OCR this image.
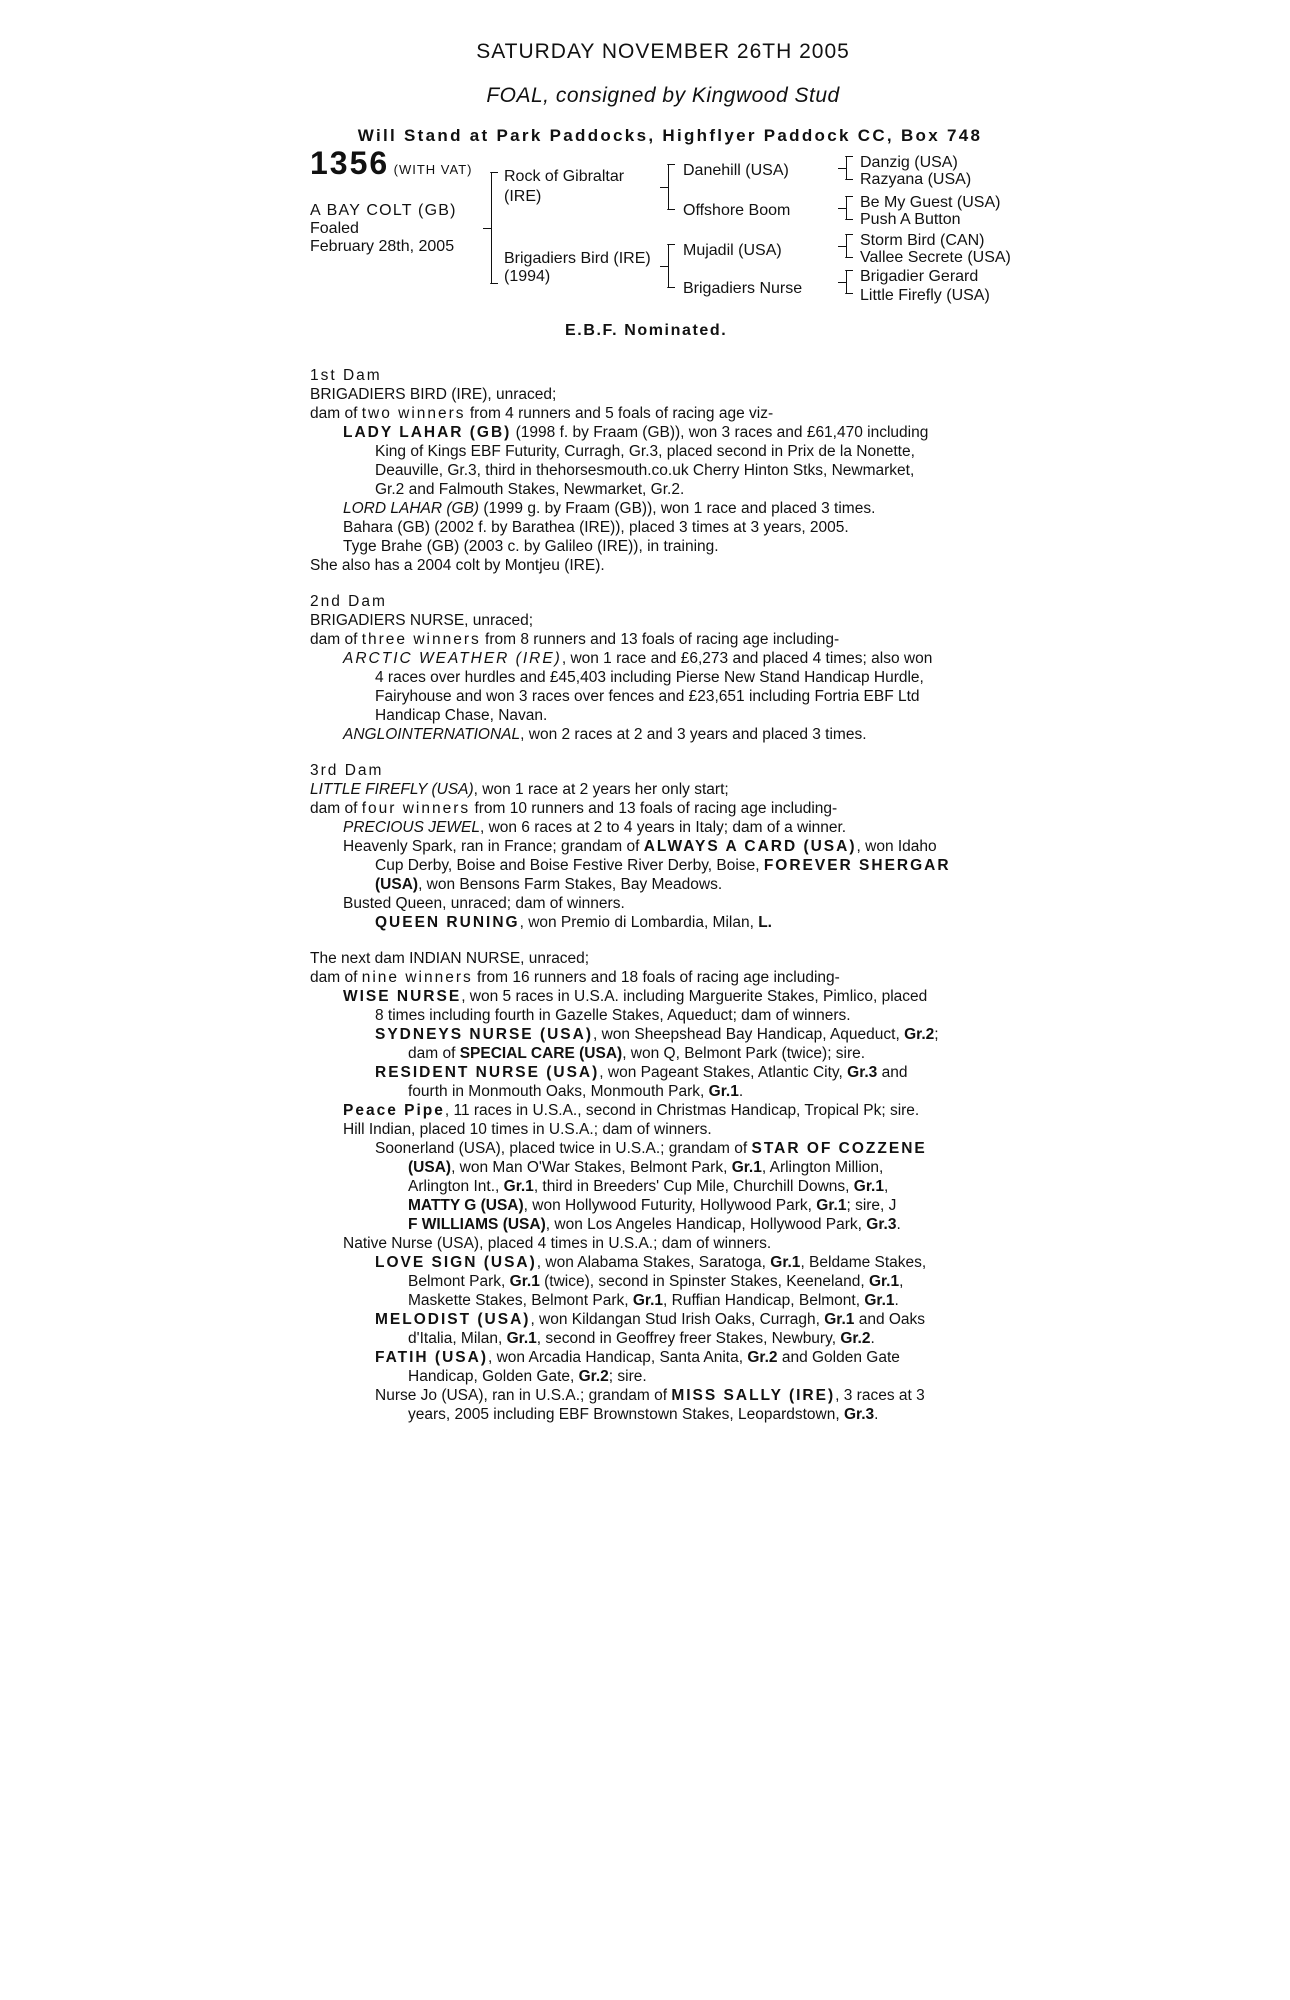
SATURDAY NOVEMBER 26TH 2005
FOAL, consigned by Kingwood Stud
Will Stand at Park Paddocks, Highflyer Paddock CC, Box 748
1356 (WITH VAT)
A BAY COLT (GB)
Foaled
February 28th, 2005
Rock of Gibraltar
(IRE)
Brigadiers Bird (IRE)
(1994)
Danehill (USA)
Offshore Boom
Mujadil (USA)
Brigadiers Nurse
Danzig (USA)
Razyana (USA)
Be My Guest (USA)
Push A Button
Storm Bird (CAN)
Vallee Secrete (USA)
Brigadier Gerard
Little Firefly (USA)
E.B.F. Nominated.
1st Dam
BRIGADIERS BIRD (IRE), unraced;
dam of two winners from 4 runners and 5 foals of racing age viz-
LADY LAHAR (GB) (1998 f. by Fraam (GB)), won 3 races and £61,470 including
King of Kings EBF Futurity, Curragh, Gr.3, placed second in Prix de la Nonette,
Deauville, Gr.3, third in thehorsesmouth.co.uk Cherry Hinton Stks, Newmarket,
Gr.2 and Falmouth Stakes, Newmarket, Gr.2.
LORD LAHAR (GB) (1999 g. by Fraam (GB)), won 1 race and placed 3 times.
Bahara (GB) (2002 f. by Barathea (IRE)), placed 3 times at 3 years, 2005.
Tyge Brahe (GB) (2003 c. by Galileo (IRE)), in training.
She also has a 2004 colt by Montjeu (IRE).
2nd Dam
BRIGADIERS NURSE, unraced;
dam of three winners from 8 runners and 13 foals of racing age including-
ARCTIC WEATHER (IRE), won 1 race and £6,273 and placed 4 times; also won
4 races over hurdles and £45,403 including Pierse New Stand Handicap Hurdle,
Fairyhouse and won 3 races over fences and £23,651 including Fortria EBF Ltd
Handicap Chase, Navan.
ANGLOINTERNATIONAL, won 2 races at 2 and 3 years and placed 3 times.
3rd Dam
LITTLE FIREFLY (USA), won 1 race at 2 years her only start;
dam of four winners from 10 runners and 13 foals of racing age including-
PRECIOUS JEWEL, won 6 races at 2 to 4 years in Italy; dam of a winner.
Heavenly Spark, ran in France; grandam of ALWAYS A CARD (USA), won Idaho
Cup Derby, Boise and Boise Festive River Derby, Boise, FOREVER SHERGAR
(USA), won Bensons Farm Stakes, Bay Meadows.
Busted Queen, unraced; dam of winners.
QUEEN RUNING, won Premio di Lombardia, Milan, L.
The next dam INDIAN NURSE, unraced;
dam of nine winners from 16 runners and 18 foals of racing age including-
WISE NURSE, won 5 races in U.S.A. including Marguerite Stakes, Pimlico, placed
8 times including fourth in Gazelle Stakes, Aqueduct; dam of winners.
SYDNEYS NURSE (USA), won Sheepshead Bay Handicap, Aqueduct, Gr.2;
dam of SPECIAL CARE (USA), won Q, Belmont Park (twice); sire.
RESIDENT NURSE (USA), won Pageant Stakes, Atlantic City, Gr.3 and
fourth in Monmouth Oaks, Monmouth Park, Gr.1.
Peace Pipe, 11 races in U.S.A., second in Christmas Handicap, Tropical Pk; sire.
Hill Indian, placed 10 times in U.S.A.; dam of winners.
Soonerland (USA), placed twice in U.S.A.; grandam of STAR OF COZZENE
(USA), won Man O'War Stakes, Belmont Park, Gr.1, Arlington Million,
Arlington Int., Gr.1, third in Breeders' Cup Mile, Churchill Downs, Gr.1,
MATTY G (USA), won Hollywood Futurity, Hollywood Park, Gr.1; sire, J
F WILLIAMS (USA), won Los Angeles Handicap, Hollywood Park, Gr.3.
Native Nurse (USA), placed 4 times in U.S.A.; dam of winners.
LOVE SIGN (USA), won Alabama Stakes, Saratoga, Gr.1, Beldame Stakes,
Belmont Park, Gr.1 (twice), second in Spinster Stakes, Keeneland, Gr.1,
Maskette Stakes, Belmont Park, Gr.1, Ruffian Handicap, Belmont, Gr.1.
MELODIST (USA), won Kildangan Stud Irish Oaks, Curragh, Gr.1 and Oaks
d'Italia, Milan, Gr.1, second in Geoffrey freer Stakes, Newbury, Gr.2.
FATIH (USA), won Arcadia Handicap, Santa Anita, Gr.2 and Golden Gate
Handicap, Golden Gate, Gr.2; sire.
Nurse Jo (USA), ran in U.S.A.; grandam of MISS SALLY (IRE), 3 races at 3
years, 2005 including EBF Brownstown Stakes, Leopardstown, Gr.3.
